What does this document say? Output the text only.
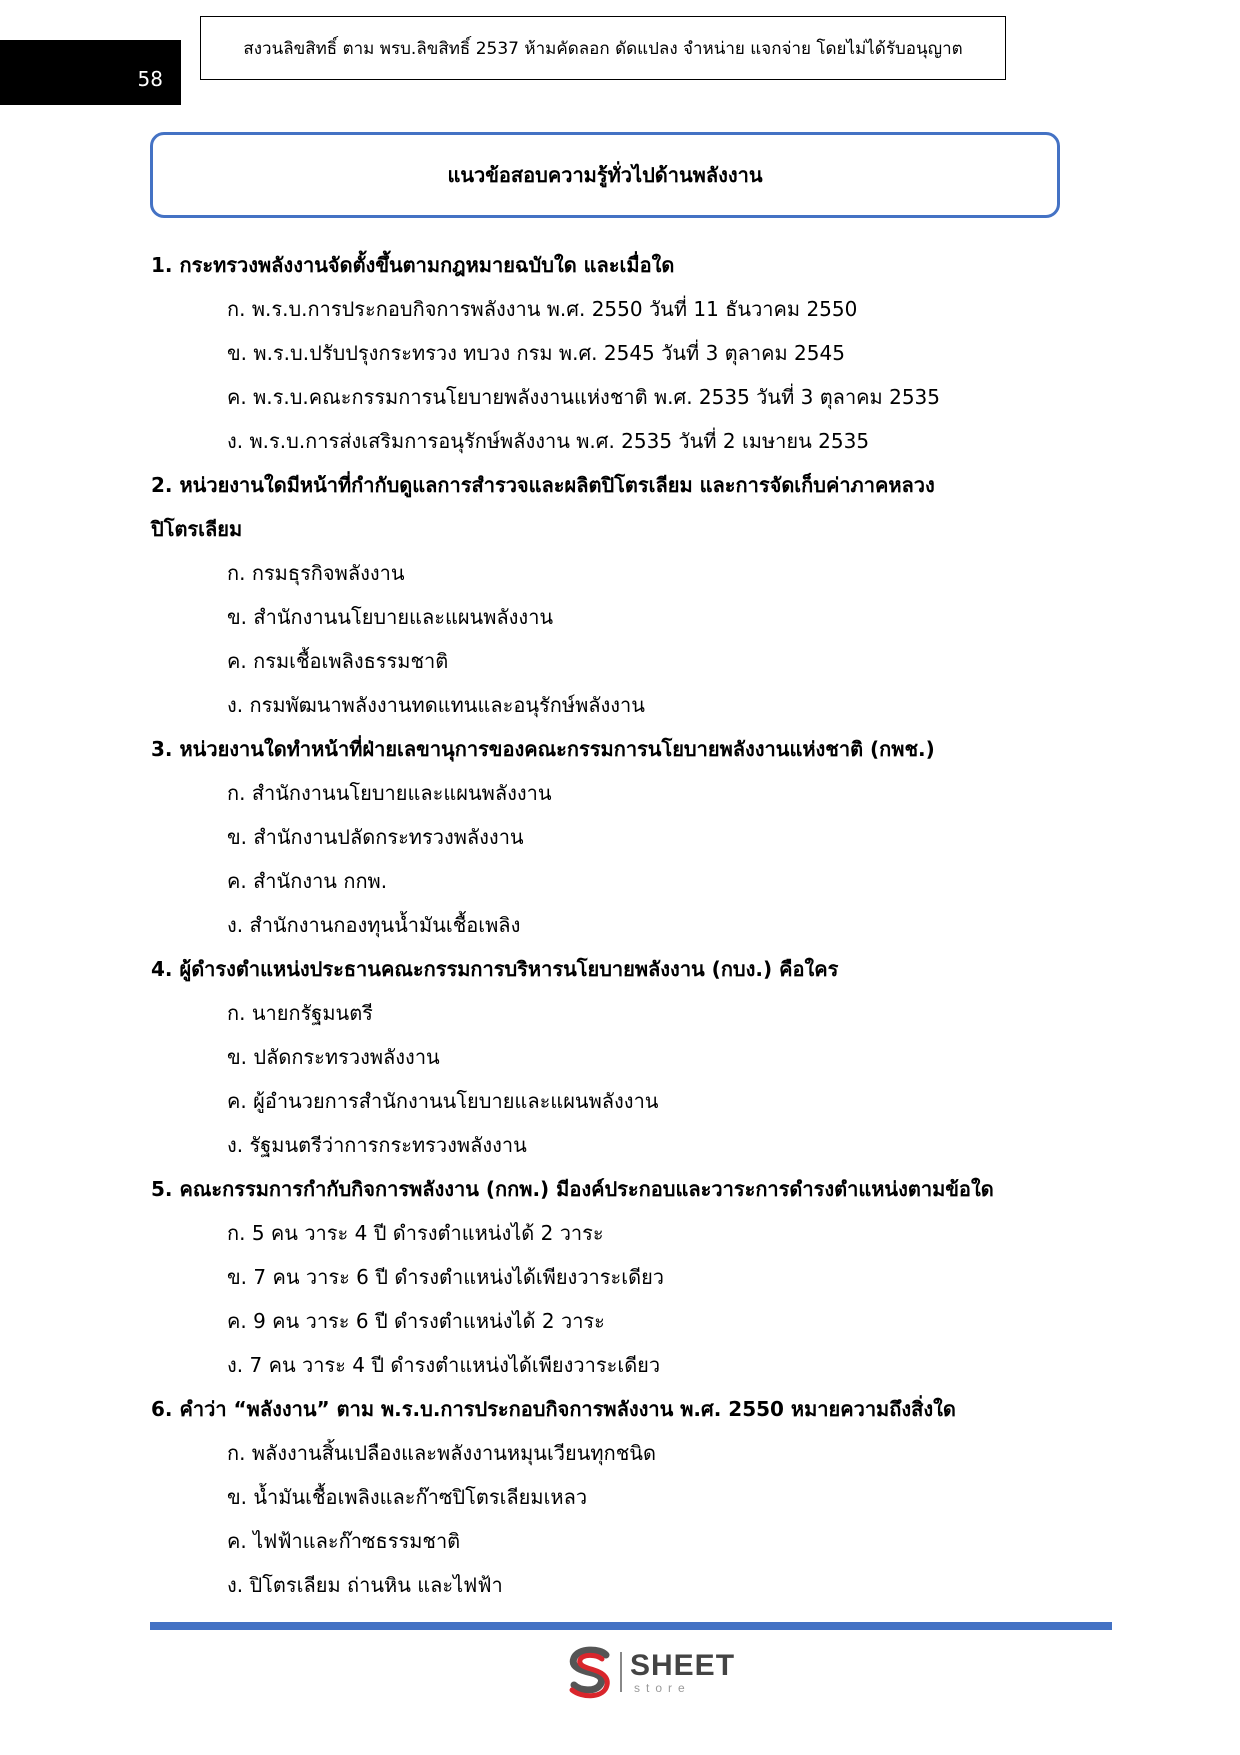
58
สงวนลิขสิทธิ์ ตาม พรบ.ลิขสิทธิ์ 2537 ห้ามคัดลอก ดัดแปลง จำหน่าย แจกจ่าย โดยไม่ได้รับอนุญาต
แนวข้อสอบความรู้ทั่วไปด้านพลังงาน

1. กระทรวงพลังงานจัดตั้งขึ้นตามกฎหมายฉบับใด และเมื่อใด

ก. พ.ร.บ.การประกอบกิจการพลังงาน พ.ศ. 2550 วันที่ 11 ธันวาคม 2550

ข. พ.ร.บ.ปรับปรุงกระทรวง ทบวง กรม พ.ศ. 2545 วันที่ 3 ตุลาคม 2545

ค. พ.ร.บ.คณะกรรมการนโยบายพลังงานแห่งชาติ พ.ศ. 2535 วันที่ 3 ตุลาคม 2535

ง. พ.ร.บ.การส่งเสริมการอนุรักษ์พลังงาน พ.ศ. 2535 วันที่ 2 เมษายน 2535

2. หน่วยงานใดมีหน้าที่กำกับดูแลการสำรวจและผลิตปิโตรเลียม และการจัดเก็บค่าภาคหลวง

ปิโตรเลียม

ก. กรมธุรกิจพลังงาน

ข. สำนักงานนโยบายและแผนพลังงาน

ค. กรมเชื้อเพลิงธรรมชาติ

ง. กรมพัฒนาพลังงานทดแทนและอนุรักษ์พลังงาน

3. หน่วยงานใดทำหน้าที่ฝ่ายเลขานุการของคณะกรรมการนโยบายพลังงานแห่งชาติ (กพช.)

ก. สำนักงานนโยบายและแผนพลังงาน

ข. สำนักงานปลัดกระทรวงพลังงาน

ค. สำนักงาน กกพ.

ง. สำนักงานกองทุนน้ำมันเชื้อเพลิง

4. ผู้ดำรงตำแหน่งประธานคณะกรรมการบริหารนโยบายพลังงาน (กบง.) คือใคร

ก. นายกรัฐมนตรี

ข. ปลัดกระทรวงพลังงาน

ค. ผู้อำนวยการสำนักงานนโยบายและแผนพลังงาน

ง. รัฐมนตรีว่าการกระทรวงพลังงาน

5. คณะกรรมการกำกับกิจการพลังงาน (กกพ.) มีองค์ประกอบและวาระการดำรงตำแหน่งตามข้อใด

ก. 5 คน วาระ 4 ปี ดำรงตำแหน่งได้ 2 วาระ

ข. 7 คน วาระ 6 ปี ดำรงตำแหน่งได้เพียงวาระเดียว

ค. 9 คน วาระ 6 ปี ดำรงตำแหน่งได้ 2 วาระ

ง. 7 คน วาระ 4 ปี ดำรงตำแหน่งได้เพียงวาระเดียว

6. คำว่า “พลังงาน” ตาม พ.ร.บ.การประกอบกิจการพลังงาน พ.ศ. 2550 หมายความถึงสิ่งใด

ก. พลังงานสิ้นเปลืองและพลังงานหมุนเวียนทุกชนิด

ข. น้ำมันเชื้อเพลิงและก๊าซปิโตรเลียมเหลว

ค. ไฟฟ้าและก๊าซธรรมชาติ

ง. ปิโตรเลียม ถ่านหิน และไฟฟ้า

SHEET
store
